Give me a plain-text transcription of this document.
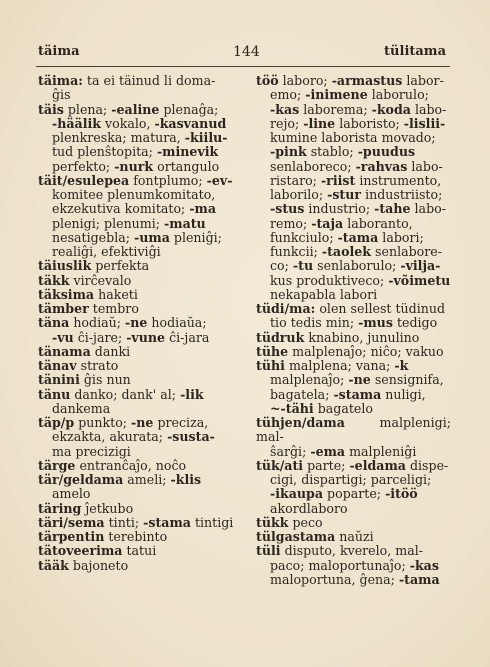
täima	144	tülitama

täima: ta ei täinud li doma-

ĝis

täis plena; -ealine plenaĝa;

-häälik vokalo, -kasvanud

plenkreska; matura, -kiilu-

tud plenŝtopita; -minevik

perfekto; -nurk ortangulo

täit/esulepea fontplumo; -ev-

komitee plenumkomitato,

ekzekutiva komitato; -ma

plenigi; plenumi; -matu

nesatigebla; -uma pleniĝi;

realiĝi, efektiviĝi

täiuslik perfekta

täkk virĉevalo

täksima haketi

tämber tembro

täna hodiaŭ; -ne hodiaŭa;

-vu ĉi-jare; -vune ĉi-jara

tänama danki

tänav strato

tänini ĝis nun

tänu danko; dank' al; -lik

dankema

täp/p punkto; -ne preciza,

ekzakta, akurata; -susta-

ma precizigi

tärge entranĉaĵo, noĉo

tär/geldama ameli; -klis

amelo

täring ĵetkubo

täri/sema tinti; -stama tintigi

tärpentin terebinto

tätoveerima tatui

tääk bajoneto

töö laboro; -armastus labor-

emo; -inimene laborulo;

-kas laborema; -koda labo-

rejo; -line laboristo; -lislii-

kumine laborista movado;

-pink stablo; -puudus

senlaboreco; -rahvas labo-

ristaro; -riist instrumento,

laborilo; -stur industriisto;

-stus industrio; -tahe labo-

remo; -taja laboranto,

funkciulo; -tama labori;

funkcii; -taolek senlabore-

co; -tu senlaborulo; -vilja-

kus produktiveco; -võimetu

nekapabla labori

tüdi/ma: olen sellest tüdinud

tio tedis min; -mus tedigo

tüdruk knabino, junulino

tühe malplenaĵo; niĉo; vakuo

tühi malplena; vana; -k

malplenaĵo; -ne sensignifa,

bagatela; -stama nuligi,

~-tähi bagatelo

tühjen/dama	malplenigi; mal-

ŝarĝi; -ema malpleniĝi

tük/ati parte; -eldama dispe-

cigi, dispartigi; parceligi;

-ikaupa poparte; -itöö

akordlaboro

tükk peco

tülgastama naŭzi

tüli disputo, kverelo, mal-

paco; maloportunaĵo; -kas

maloportuna, ĝena; -tama
